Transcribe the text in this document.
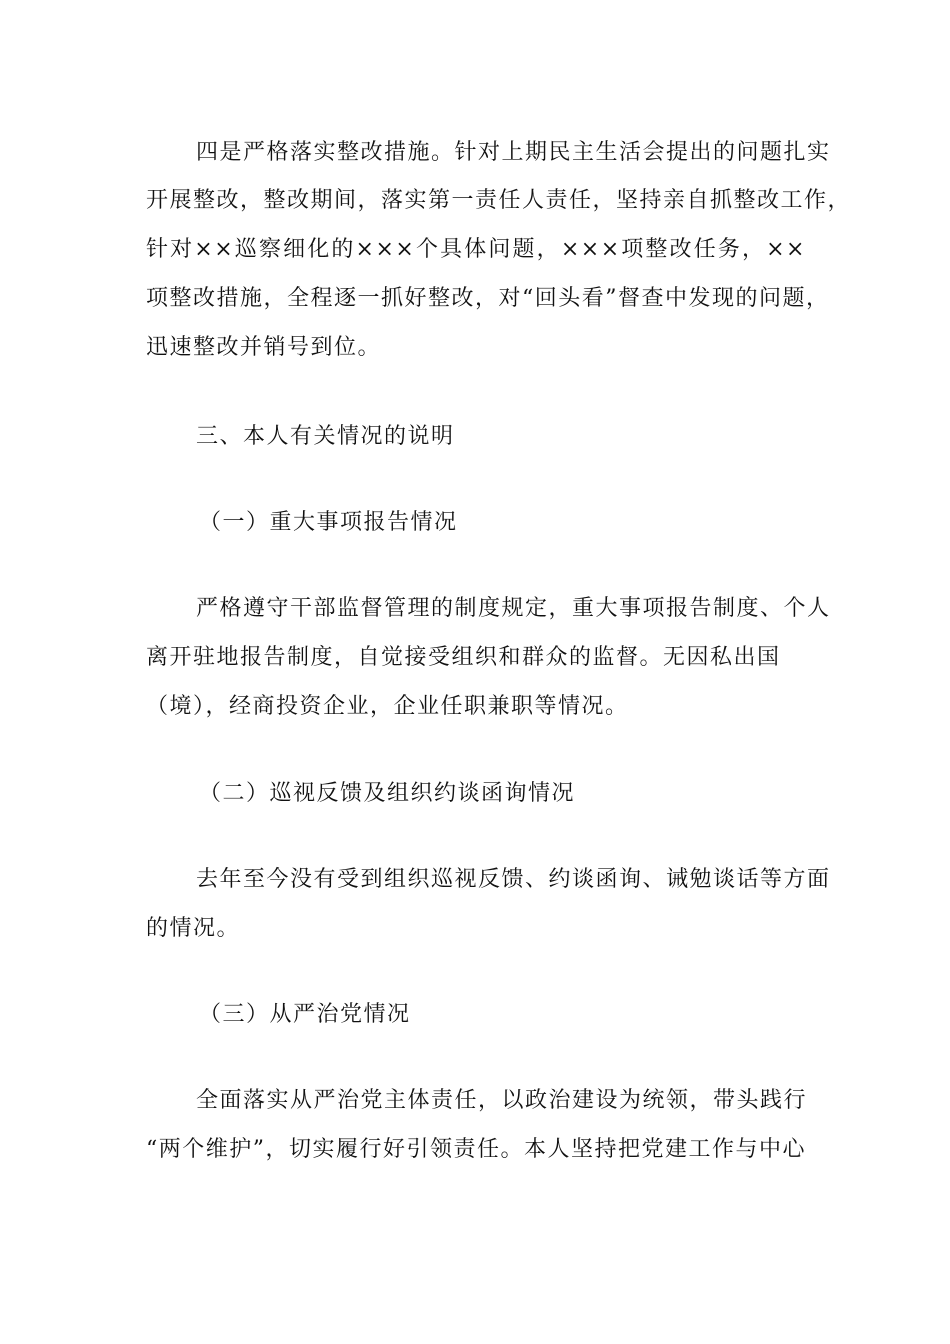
四是严格落实整改措施。针对上期民主生活会提出的问题扎实
开展整改，整改期间，落实第一责任人责任，坚持亲自抓整改工作，
针对××巡察细化的×××个具体问题，×××项整改任务，××
项整改措施，全程逐一抓好整改，对“回头看”督查中发现的问题，
迅速整改并销号到位。
三、本人有关情况的说明
（一）重大事项报告情况
严格遵守干部监督管理的制度规定，重大事项报告制度、个人
离开驻地报告制度，自觉接受组织和群众的监督。无因私出国
（境），经商投资企业，企业任职兼职等情况。
（二）巡视反馈及组织约谈函询情况
去年至今没有受到组织巡视反馈、约谈函询、诫勉谈话等方面
的情况。
（三）从严治党情况
全面落实从严治党主体责任，以政治建设为统领，带头践行
“两个维护”，切实履行好引领责任。本人坚持把党建工作与中心
